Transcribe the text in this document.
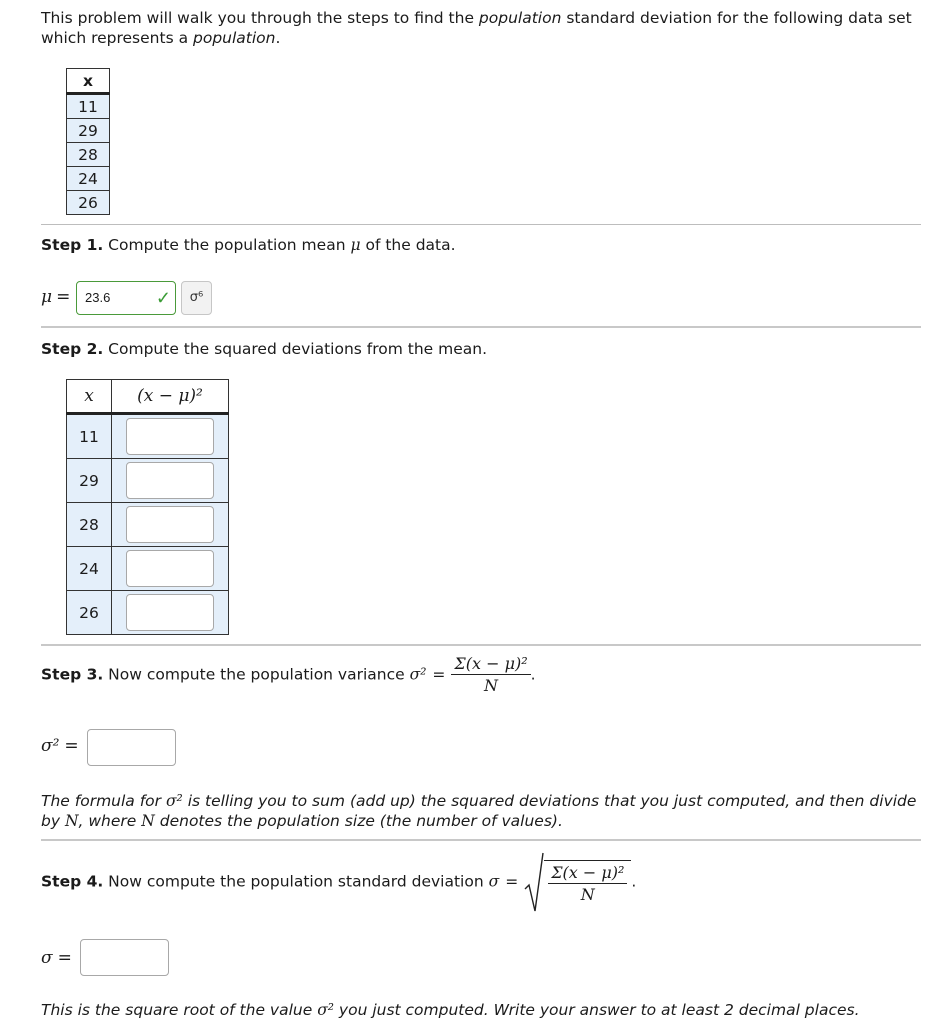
This problem will walk you through the steps to find the population standard deviation for the following data set which represents a population.
x
11
29
28
24
26
Step 1. Compute the population mean μ of the data.
μ =	23.6	✓	σ⁶
Step 2. Compute the squared deviations from the mean.
x	(x − μ)²
11	

29	

28	

24	

26	
Step 3. Now compute the population variance $\sigma^2 = \frac{\text{Σ(x − μ)²}}{N}$ .
σ² =
The formula for σ² is telling you to sum (add up) the squared deviations that you just computed, and then divide by N, where N denotes the population size (the number of values).
Step 4. Now compute the population standard deviation $\sigma = \frac{\text{Σ(x − μ)²}}{N}$ .
σ =
This is the square root of the value σ² you just computed. Write your answer to at least 2 decimal places.
